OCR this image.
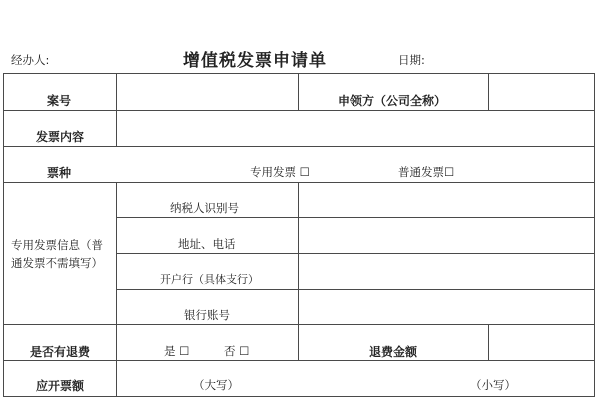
经办人:	增值税发票申请单	日期:
案号	申领方（公司全称）
发票内容
票种	专用发票 ☐	普通发票☐
专用发票信息（普通发票不需填写）
纳税人识别号
地址、电话
开户行（具体支行）
银行账号
是否有退费	是 ☐	否 ☐	退费金额
应开票额	（大写）	（小写）
